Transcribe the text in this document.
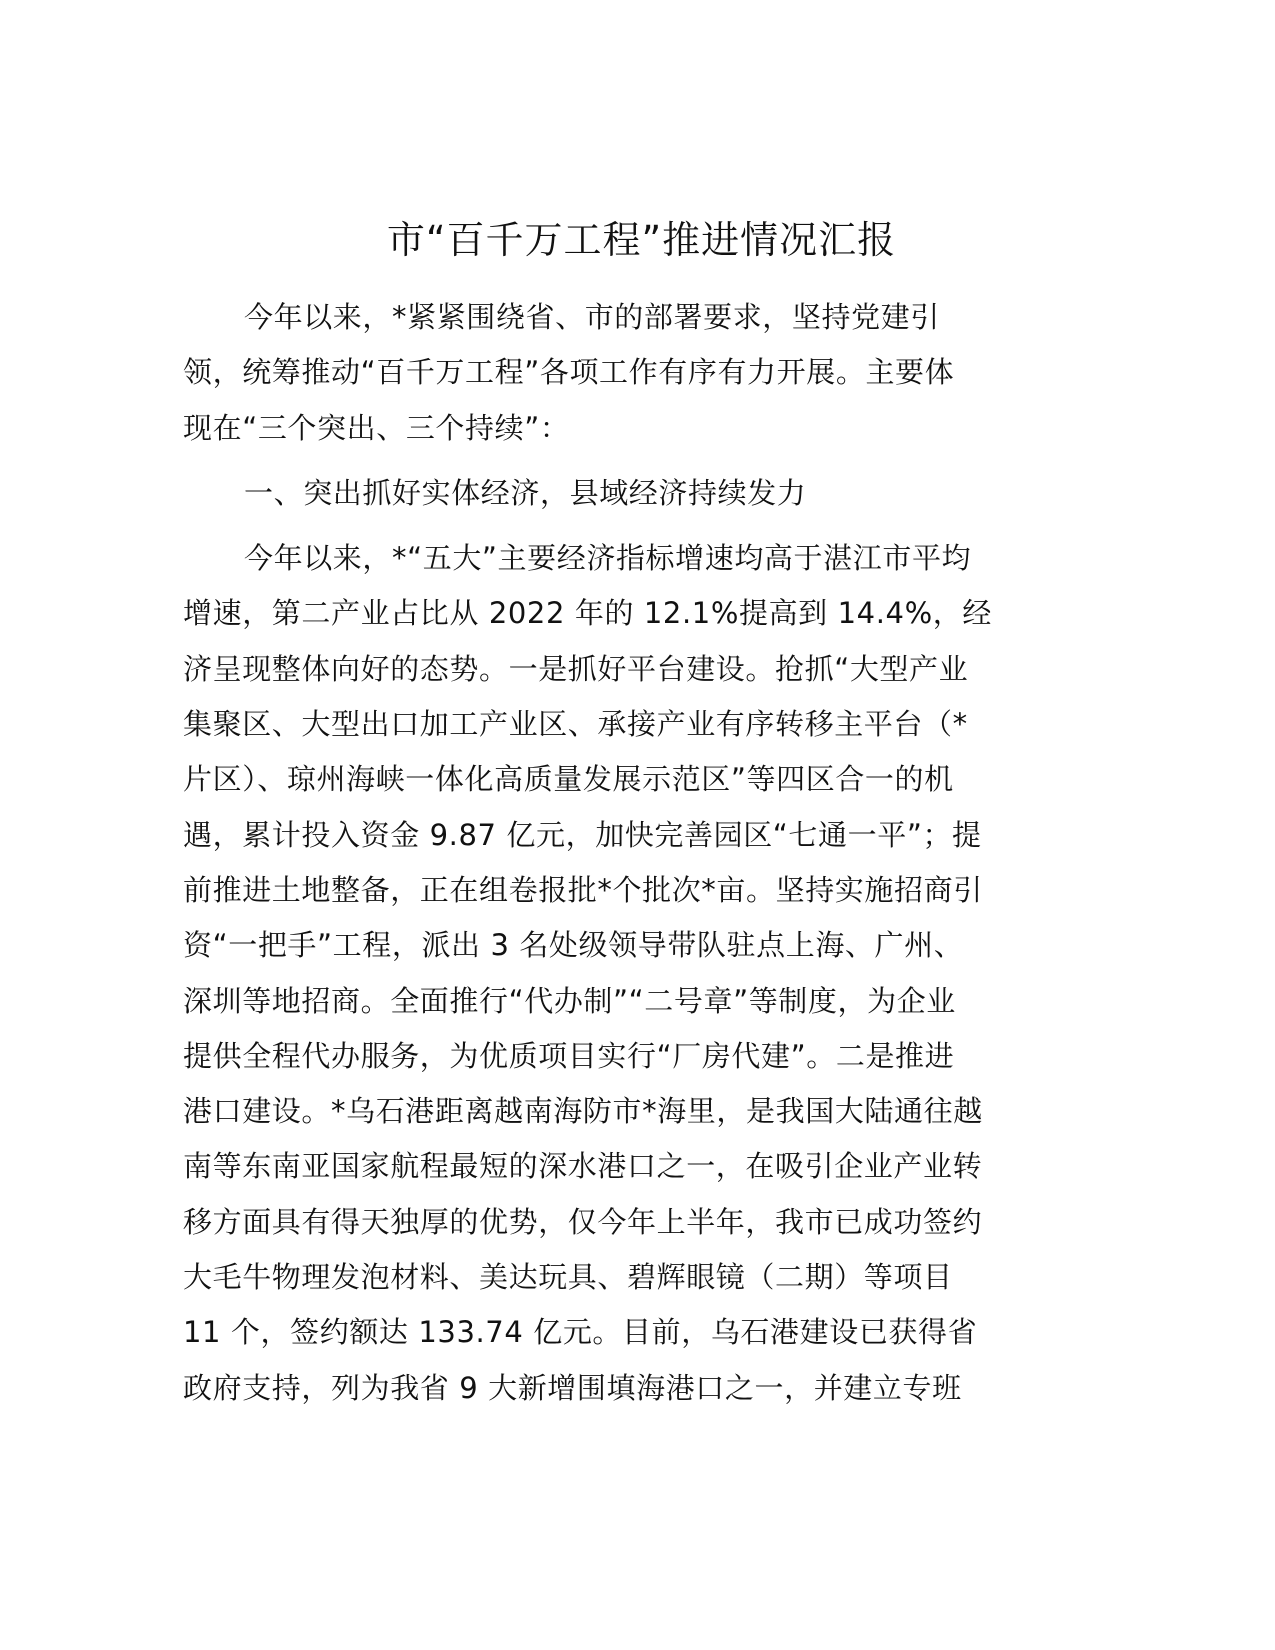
市“百千万工程”推进情况汇报
今年以来，*紧紧围绕省、市的部署要求，坚持党建引
领，统筹推动“百千万工程”各项工作有序有力开展。主要体
现在“三个突出、三个持续”：
一、突出抓好实体经济，县域经济持续发力
今年以来，*“五大”主要经济指标增速均高于湛江市平均
增速，第二产业占比从 2022 年的 12.1%提高到 14.4%，经
济呈现整体向好的态势。一是抓好平台建设。抢抓“大型产业
集聚区、大型出口加工产业区、承接产业有序转移主平台（*
片区）、琼州海峡一体化高质量发展示范区”等四区合一的机
遇，累计投入资金 9.87 亿元，加快完善园区“七通一平”；提
前推进土地整备，正在组卷报批*个批次*亩。坚持实施招商引
资“一把手”工程，派出 3 名处级领导带队驻点上海、广州、
深圳等地招商。全面推行“代办制”“二号章”等制度，为企业
提供全程代办服务，为优质项目实行“厂房代建”。二是推进
港口建设。*乌石港距离越南海防市*海里，是我国大陆通往越
南等东南亚国家航程最短的深水港口之一，在吸引企业产业转
移方面具有得天独厚的优势，仅今年上半年，我市已成功签约
大毛牛物理发泡材料、美达玩具、碧辉眼镜（二期）等项目
11 个，签约额达 133.74 亿元。目前，乌石港建设已获得省
政府支持，列为我省 9 大新增围填海港口之一，并建立专班
